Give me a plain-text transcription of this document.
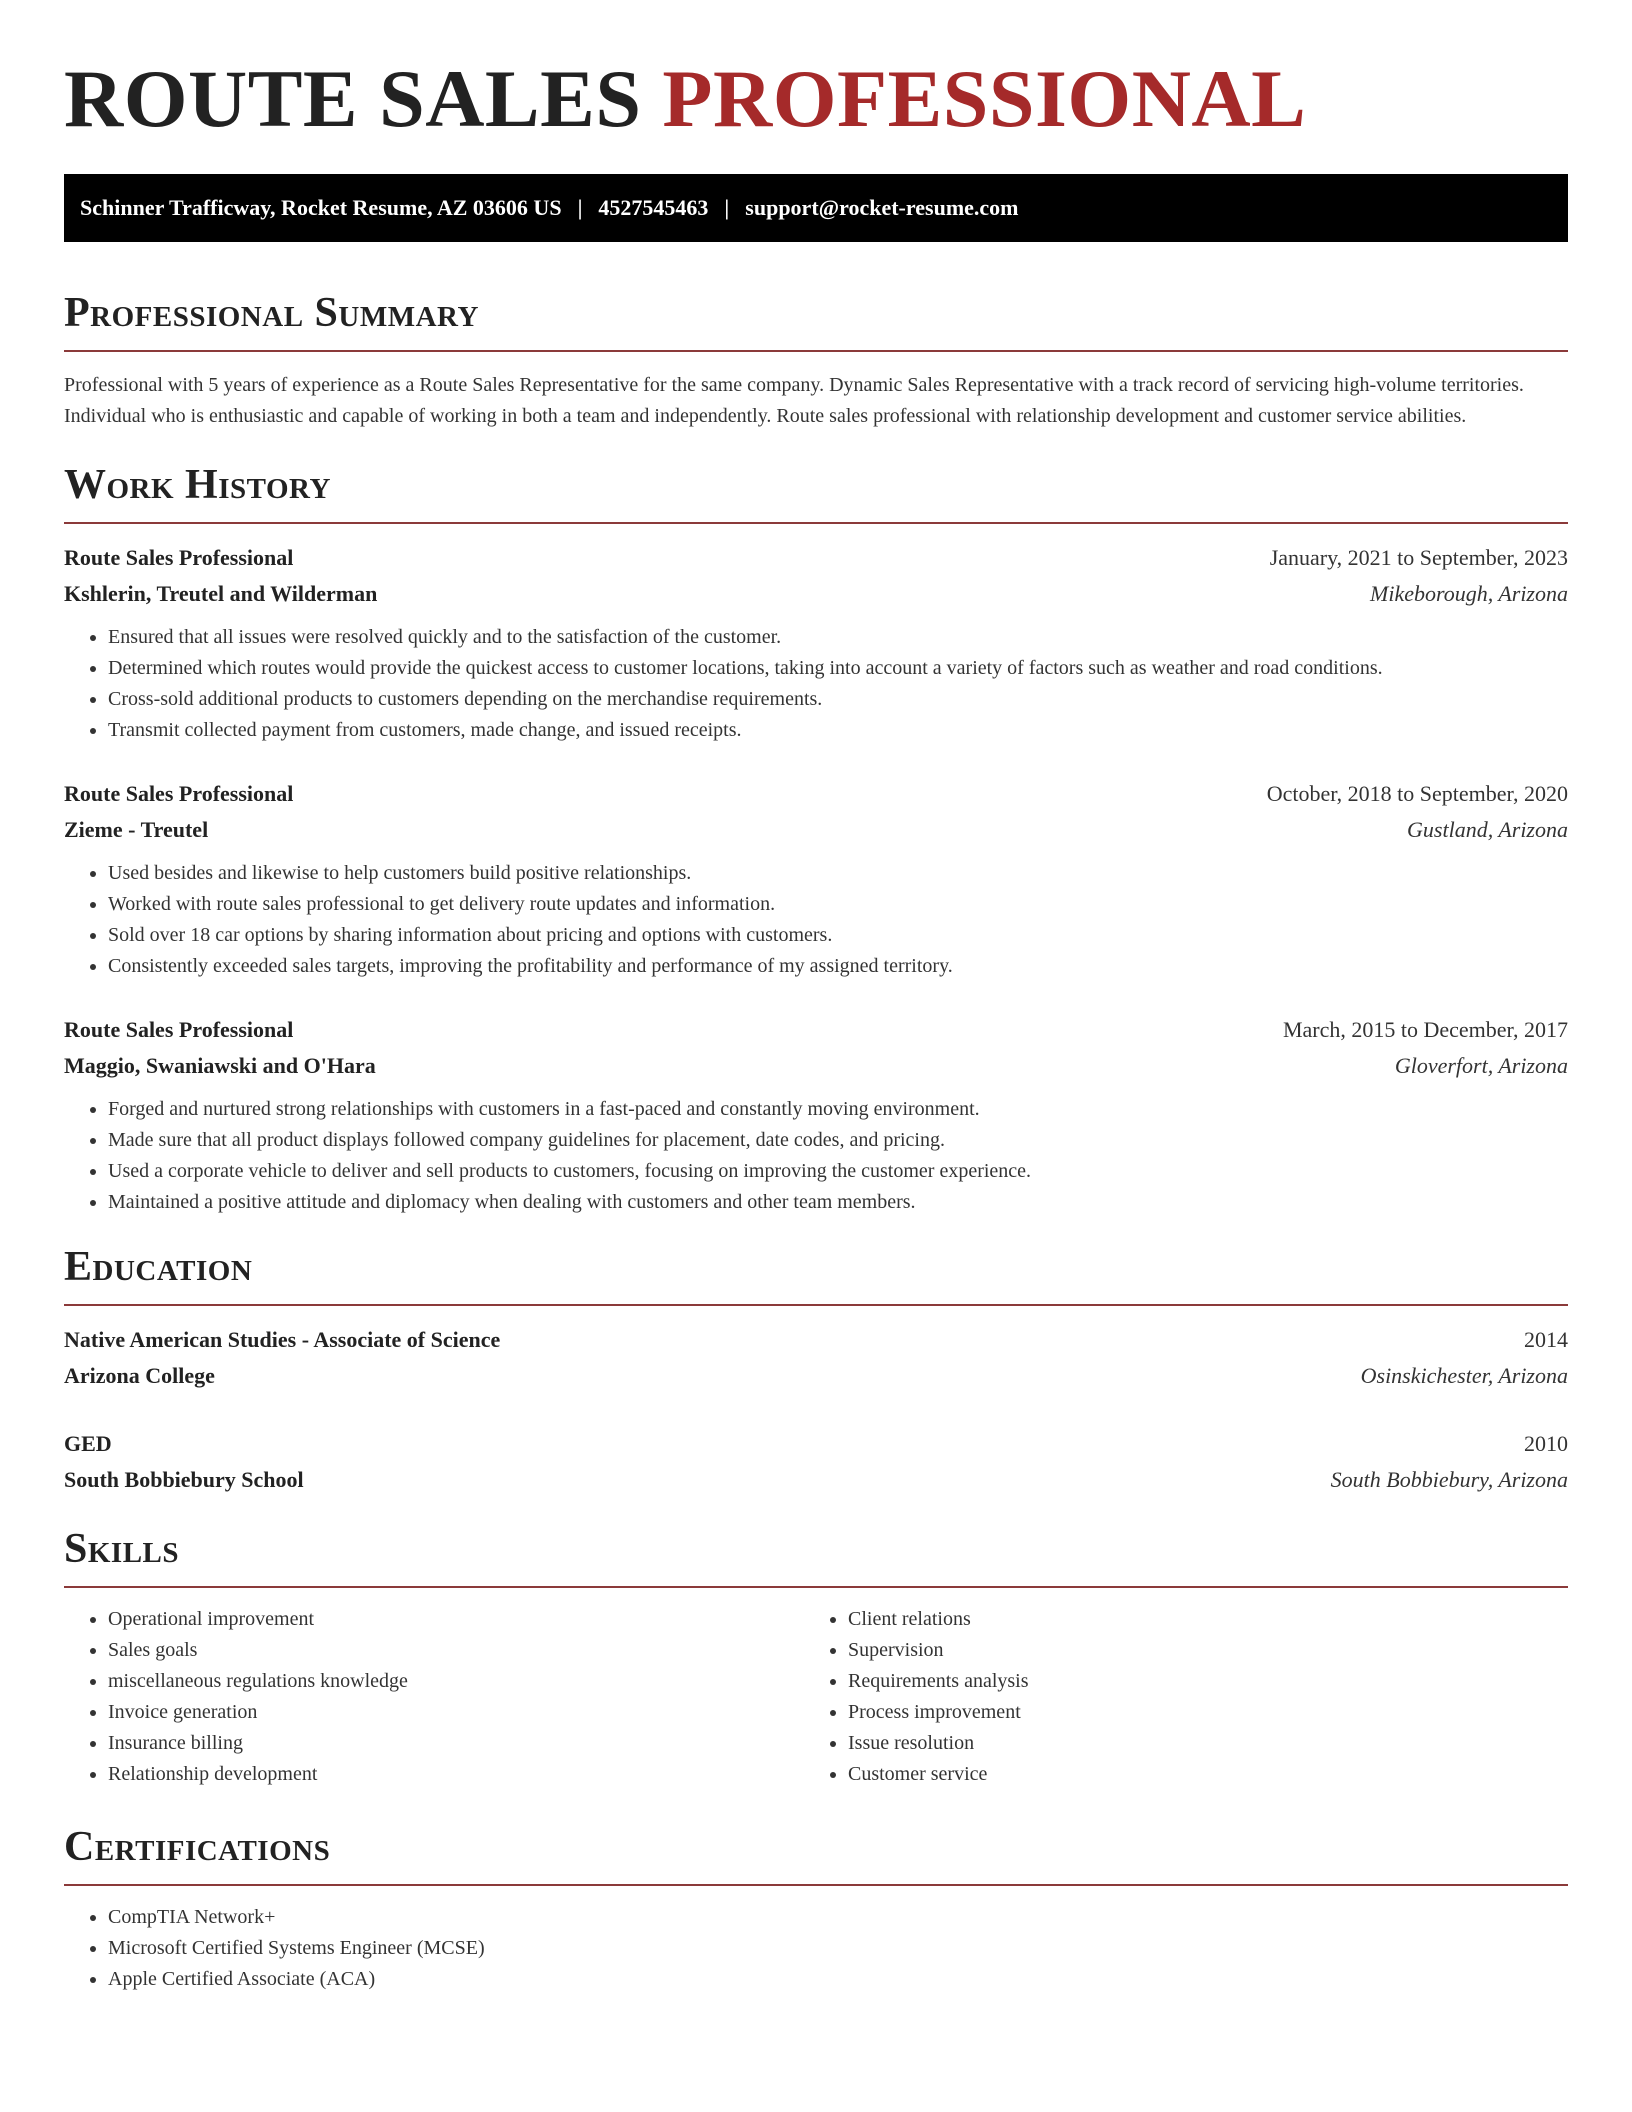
ROUTE SALES PROFESSIONAL
Schinner Trafficway, Rocket Resume, AZ 03606 US | 4527545463 | support@rocket-resume.com
Professional Summary
Professional with 5 years of experience as a Route Sales Representative for the same company. Dynamic Sales Representative with a track record of servicing high-volume territories. Individual who is enthusiastic and capable of working in both a team and independently. Route sales professional with relationship development and customer service abilities.
Work History
Route Sales Professional	January, 2021 to September, 2023
Kshlerin, Treutel and Wilderman	Mikeborough, Arizona
• Ensured that all issues were resolved quickly and to the satisfaction of the customer.
• Determined which routes would provide the quickest access to customer locations, taking into account a variety of factors such as weather and road conditions.
• Cross-sold additional products to customers depending on the merchandise requirements.
• Transmit collected payment from customers, made change, and issued receipts.
Route Sales Professional	October, 2018 to September, 2020
Zieme - Treutel	Gustland, Arizona
• Used besides and likewise to help customers build positive relationships.
• Worked with route sales professional to get delivery route updates and information.
• Sold over 18 car options by sharing information about pricing and options with customers.
• Consistently exceeded sales targets, improving the profitability and performance of my assigned territory.
Route Sales Professional	March, 2015 to December, 2017
Maggio, Swaniawski and O'Hara	Gloverfort, Arizona
• Forged and nurtured strong relationships with customers in a fast-paced and constantly moving environment.
• Made sure that all product displays followed company guidelines for placement, date codes, and pricing.
• Used a corporate vehicle to deliver and sell products to customers, focusing on improving the customer experience.
• Maintained a positive attitude and diplomacy when dealing with customers and other team members.
Education
Native American Studies - Associate of Science	2014
Arizona College	Osinskichester, Arizona
GED	2010
South Bobbiebury School	South Bobbiebury, Arizona
Skills
• Operational improvement
• Sales goals
• miscellaneous regulations knowledge
• Invoice generation
• Insurance billing
• Relationship development
• Client relations
• Supervision
• Requirements analysis
• Process improvement
• Issue resolution
• Customer service
Certifications
• CompTIA Network+
• Microsoft Certified Systems Engineer (MCSE)
• Apple Certified Associate (ACA)
